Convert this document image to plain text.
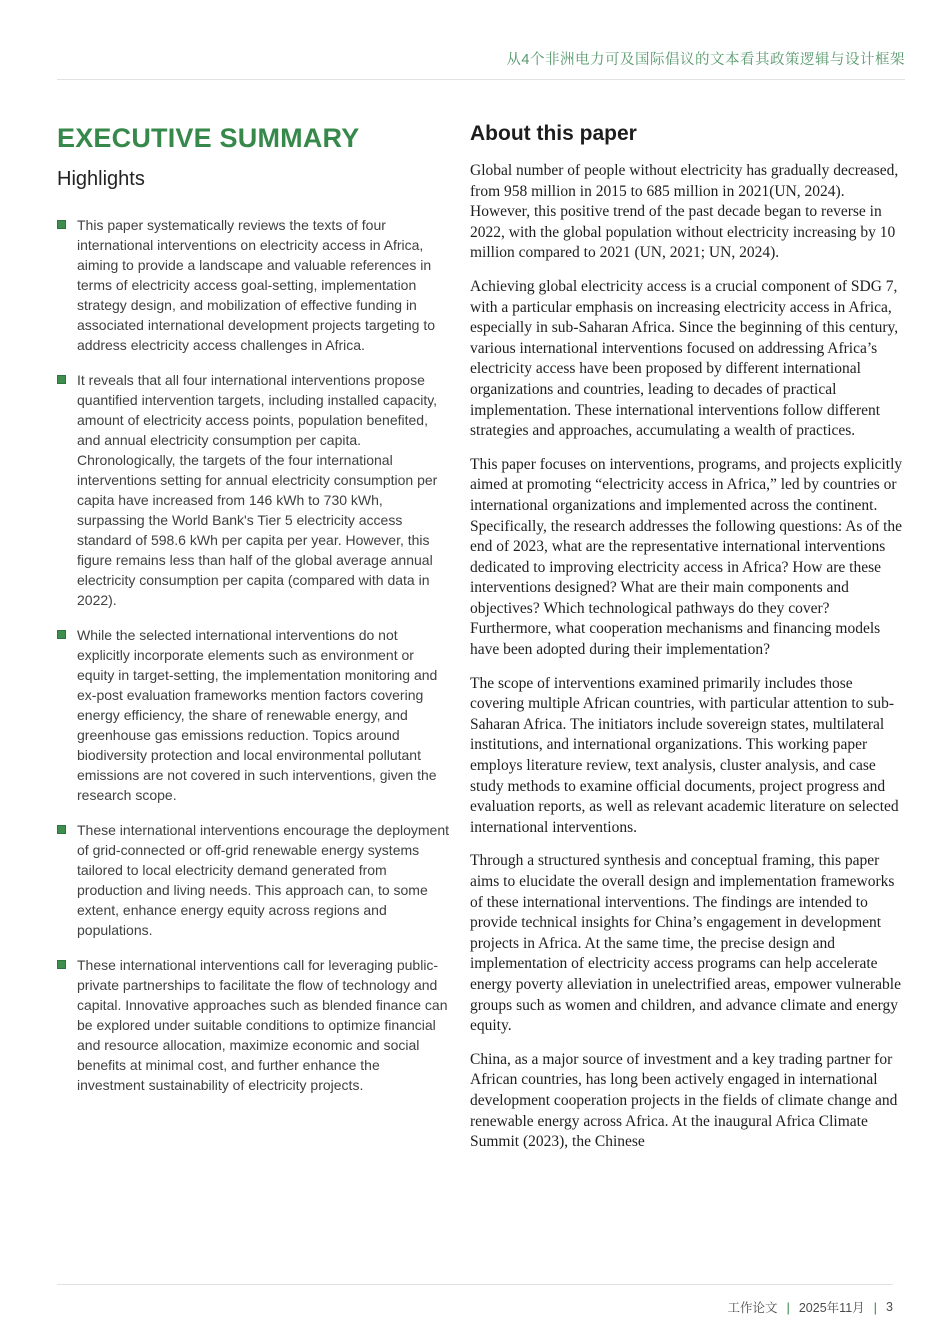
从4个非洲电力可及国际倡议的文本看其政策逻辑与设计框架
EXECUTIVE SUMMARY
Highlights
This paper systematically reviews the texts of four international interventions on electricity access in Africa, aiming to provide a landscape and valuable references in terms of electricity access goal-setting, implementation strategy design, and mobilization of effective funding in associated international development projects targeting to address electricity access challenges in Africa.
It reveals that all four international interventions propose quantified intervention targets, including installed capacity, amount of electricity access points, population benefited, and annual electricity consumption per capita. Chronologically, the targets of the four international interventions setting for annual electricity consumption per capita have increased from 146 kWh to 730 kWh, surpassing the World Bank's Tier 5 electricity access standard of 598.6 kWh per capita per year. However, this figure remains less than half of the global average annual electricity consumption per capita (compared with data in 2022).
While the selected international interventions do not explicitly incorporate elements such as environment or equity in target-setting, the implementation monitoring and ex-post evaluation frameworks mention factors covering energy efficiency, the share of renewable energy, and greenhouse gas emissions reduction. Topics around biodiversity protection and local environmental pollutant emissions are not covered in such interventions, given the research scope.
These international interventions encourage the deployment of grid-connected or off-grid renewable energy systems tailored to local electricity demand generated from production and living needs. This approach can, to some extent, enhance energy equity across regions and populations.
These international interventions call for leveraging public-private partnerships to facilitate the flow of technology and capital. Innovative approaches such as blended finance can be explored under suitable conditions to optimize financial and resource allocation, maximize economic and social benefits at minimal cost, and further enhance the investment sustainability of electricity projects.
About this paper

Global number of people without electricity has gradually decreased, from 958 million in 2015 to 685 million in 2021(UN, 2024). However, this positive trend of the past decade began to reverse in 2022, with the global population without electricity increasing by 10 million compared to 2021 (UN, 2021; UN, 2024).

Achieving global electricity access is a crucial component of SDG 7, with a particular emphasis on increasing electricity access in Africa, especially in sub-Saharan Africa. Since the beginning of this century, various international interventions focused on addressing Africa’s electricity access have been proposed by different international organizations and countries, leading to decades of practical implementation. These international interventions follow different strategies and approaches, accumulating a wealth of practices.

This paper focuses on interventions, programs, and projects explicitly aimed at promoting “electricity access in Africa,” led by countries or international organizations and implemented across the continent. Specifically, the research addresses the following questions: As of the end of 2023, what are the representative international interventions dedicated to improving electricity access in Africa? How are these interventions designed? What are their main components and objectives? Which technological pathways do they cover? Furthermore, what cooperation mechanisms and financing models have been adopted during their implementation?

The scope of interventions examined primarily includes those covering multiple African countries, with particular attention to sub-Saharan Africa. The initiators include sovereign states, multilateral institutions, and international organizations. This working paper employs literature review, text analysis, cluster analysis, and case study methods to examine official documents, project progress and evaluation reports, as well as relevant academic literature on selected international interventions.

Through a structured synthesis and conceptual framing, this paper aims to elucidate the overall design and implementation frameworks of these international interventions. The findings are intended to provide technical insights for China’s engagement in development projects in Africa. At the same time, the precise design and implementation of electricity access programs can help accelerate energy poverty alleviation in unelectrified areas, empower vulnerable groups such as women and children, and advance climate and energy equity.

China, as a major source of investment and a key trading partner for African countries, has long been actively engaged in international development cooperation projects in the fields of climate change and renewable energy across Africa. At the inaugural Africa Climate Summit (2023), the Chinese

工作论文 | 2025年11月 | 3
